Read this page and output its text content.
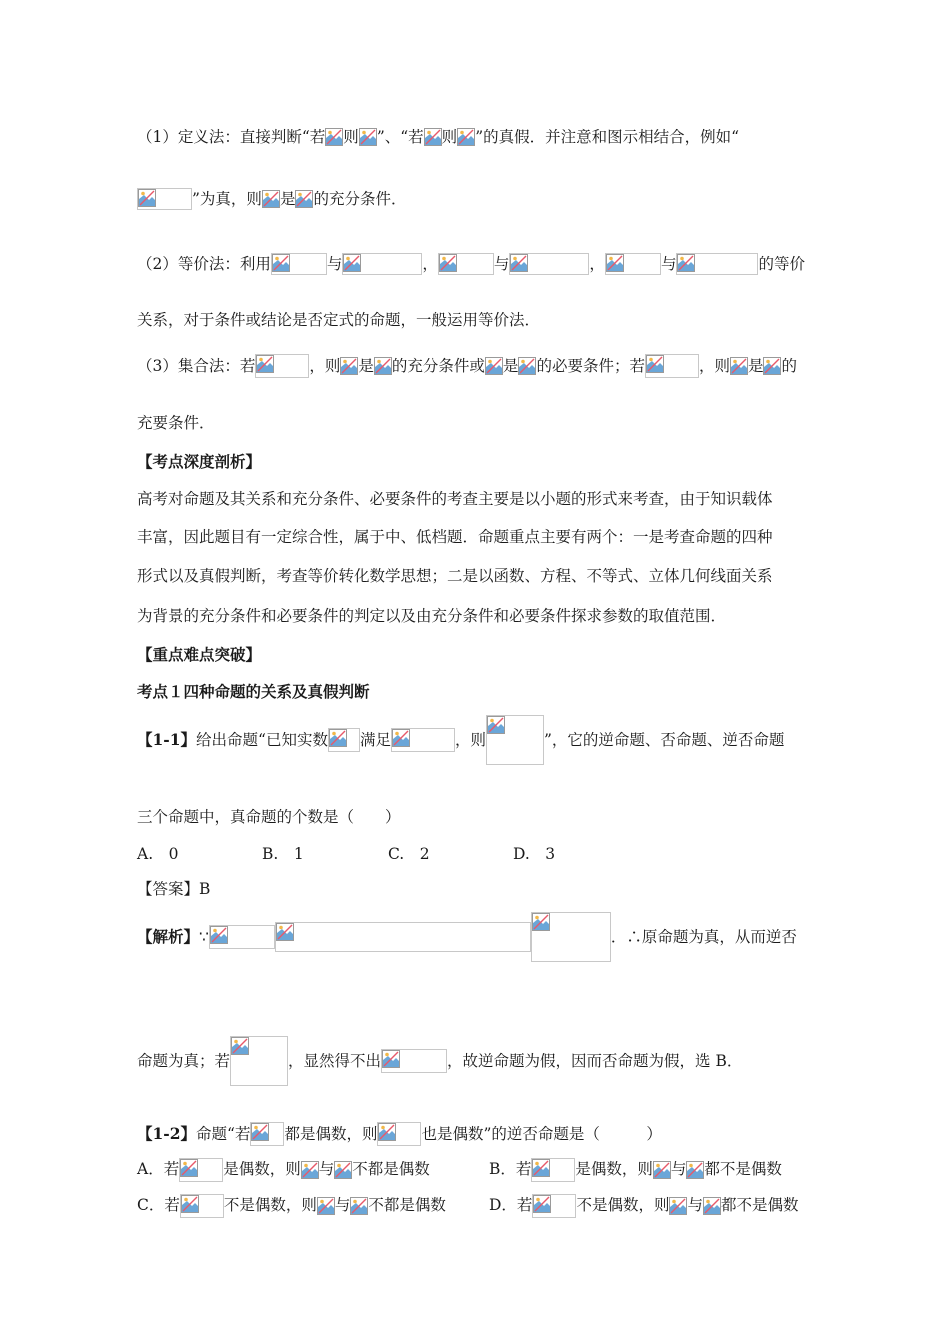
（1）定义法：直接判断“若 则 ”、“若 则 ”的真假．并注意和图示相结合，例如“
”为真，则 是 的充分条件．
（2）等价法：利用	与	，	与	，	与	的等价
关系，对于条件或结论是否定式的命题，一般运用等价法．
（3）集合法：若	，则 是 的充分条件或 是 的必要条件；若	，则 是 的
充要条件．
【考点深度剖析】
高考对命题及其关系和充分条件、必要条件的考查主要是以小题的形式来考查，由于知识载体
丰富，因此题目有一定综合性，属于中、低档题．命题重点主要有两个：一是考查命题的四种
形式以及真假判断，考查等价转化数学思想；二是以函数、方程、不等式、立体几何线面关系
为背景的充分条件和必要条件的判定以及由充分条件和必要条件探求参数的取值范围．
【重点难点突破】
考点１四种命题的关系及真假判断
【1-1】给出命题“已知实数 满足	，则	”，它的逆命题、否命题、逆否命题
三个命题中，真命题的个数是（　　）
A.　0	B.　1	C.　2	D.　3
【答案】B
【解析】∵	．∴原命题为真，从而逆否
命题为真；若	，显然得不出	，故逆命题为假，因而否命题为假，选 B．
【1-2】命题“若 都是偶数，则	也是偶数”的逆否命题是（　　　）
A．若	是偶数，则 与 不都是偶数	B．若	是偶数，则 与 都不是偶数
C．若	不是偶数，则 与 不都是偶数	D．若	不是偶数，则 与 都不是偶数
